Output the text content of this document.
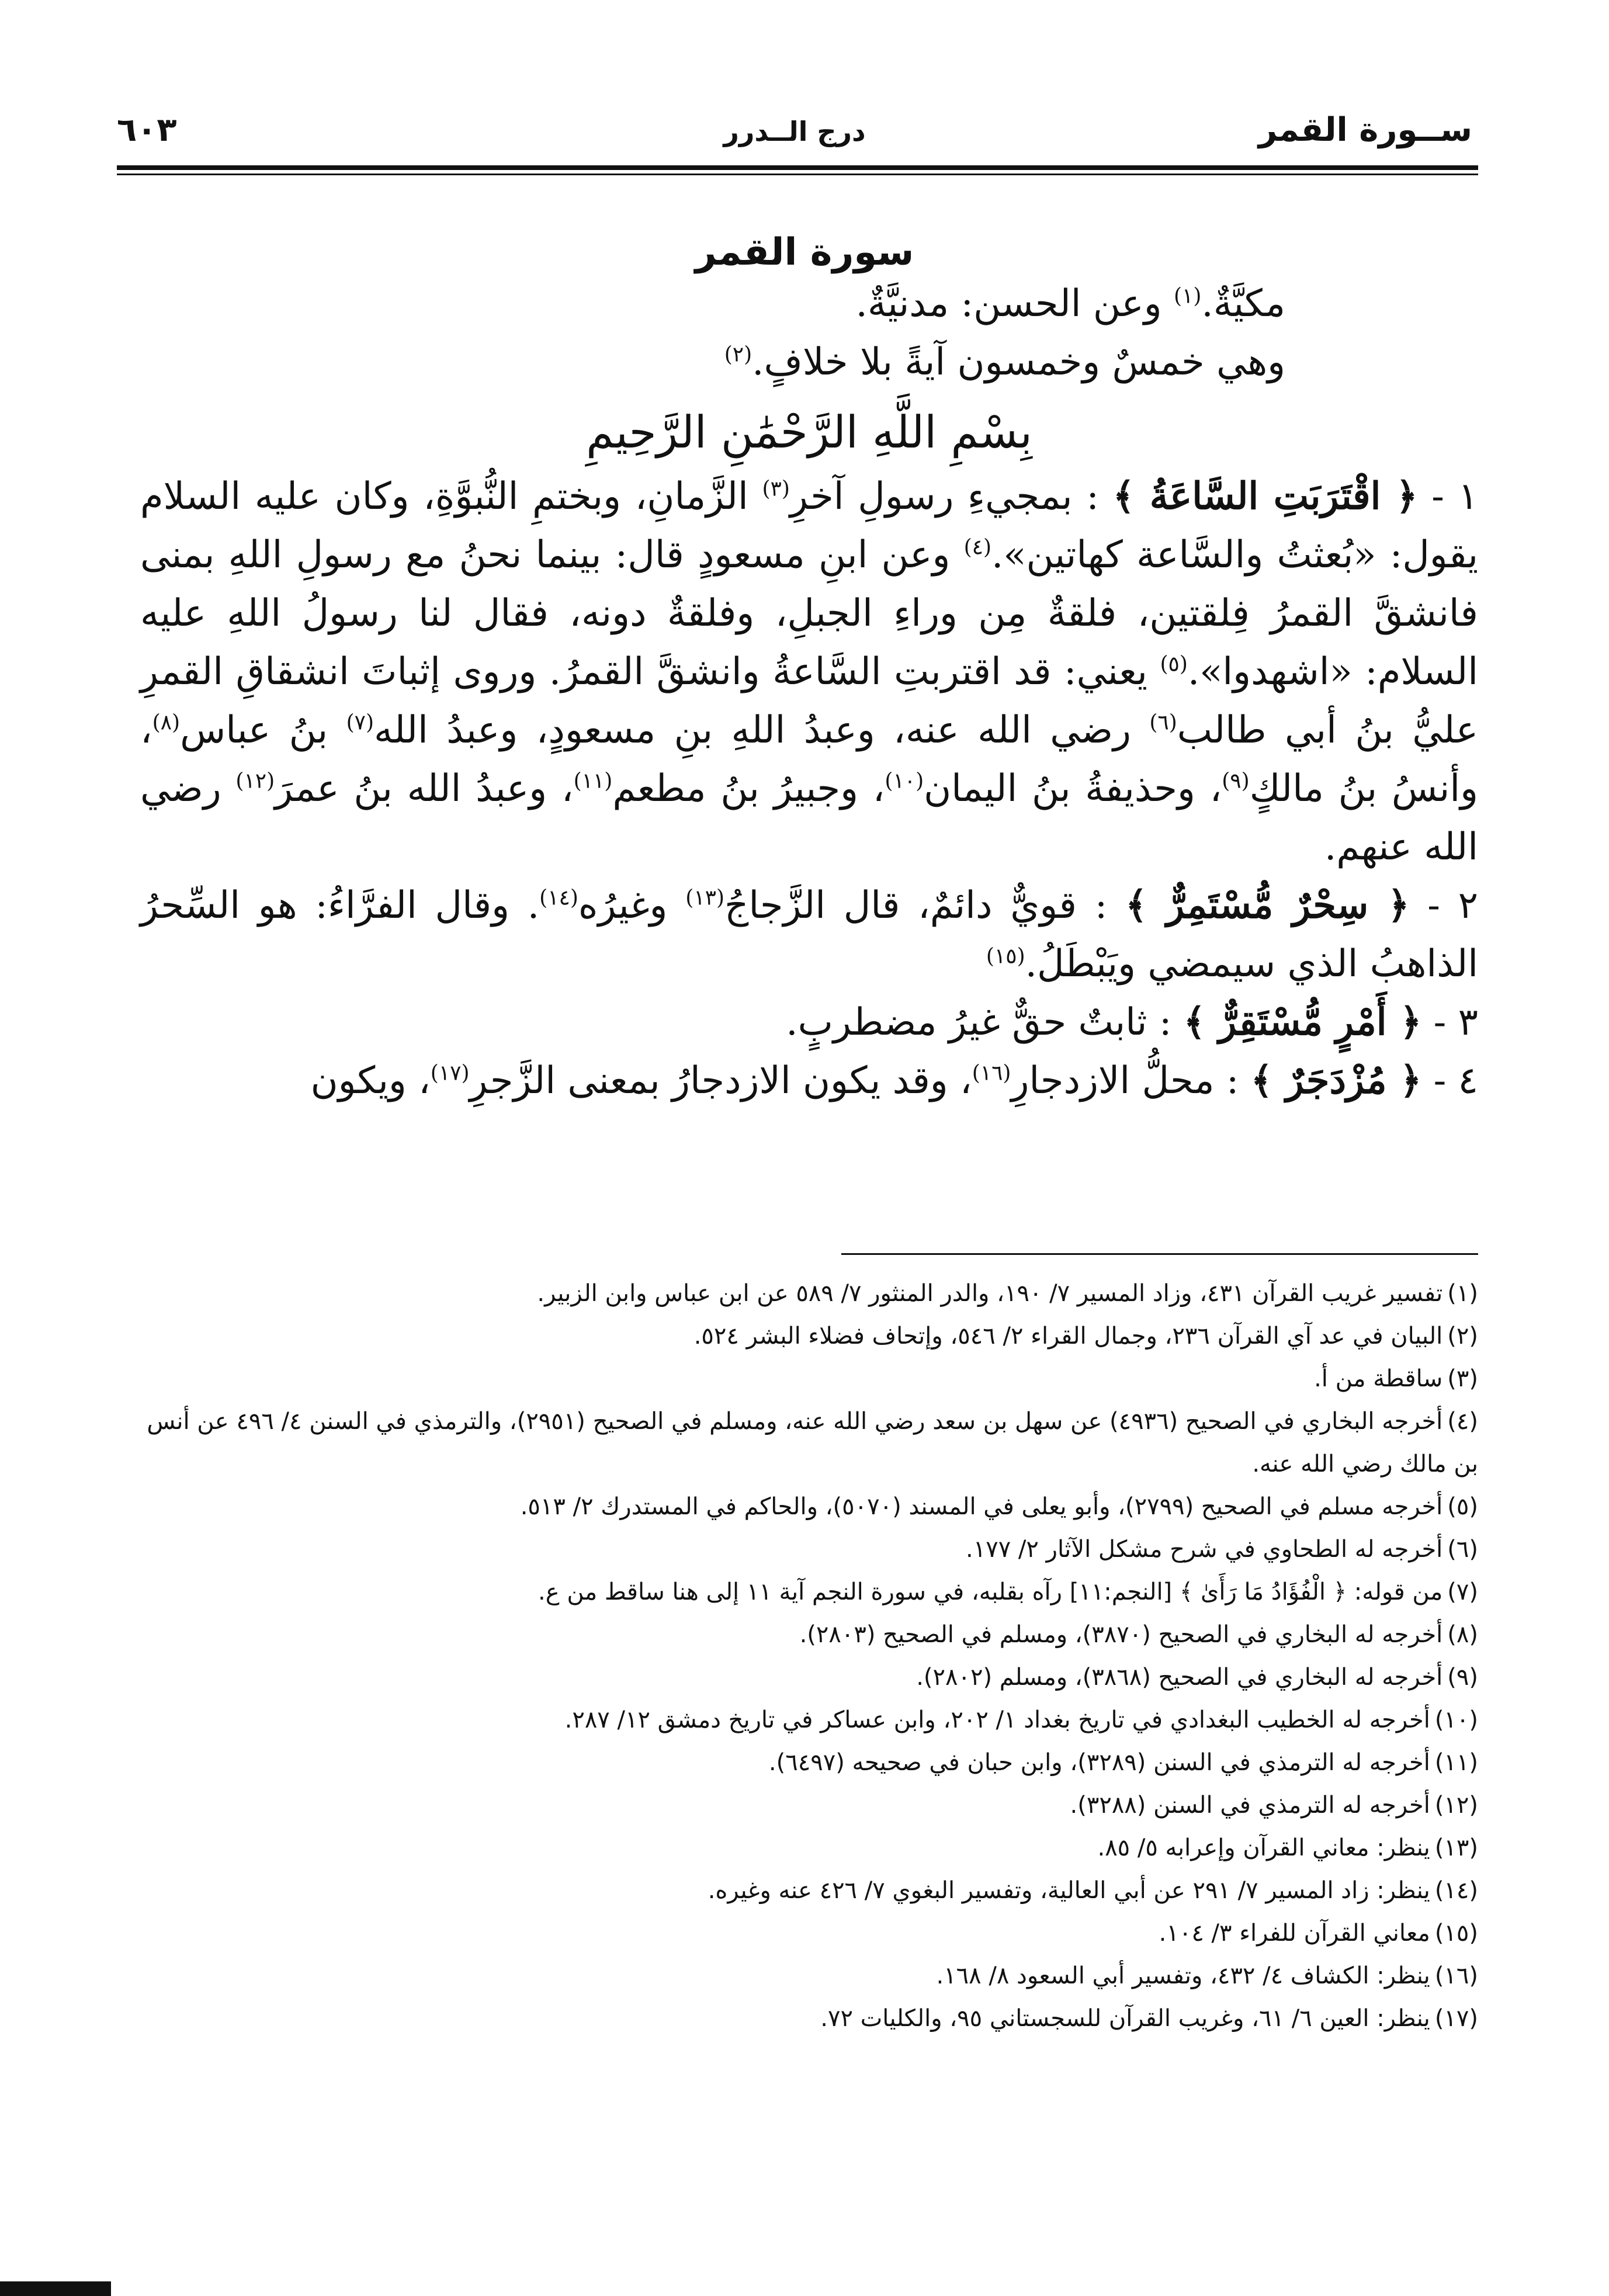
ســورة القمر
درج الــدرر
٦٠٣
سورة القمر

مكيَّةٌ.$^{(١)}$ وعن الحسن: مدنيَّةٌ.

وهي خمسٌ وخمسون آيةً بلا خلافٍ.$^{(٢)}$

بِسْمِ اللَّهِ الرَّحْمَٰنِ الرَّحِيمِ

١ - ﴿ اقْتَرَبَتِ السَّاعَةُ ﴾ : بمجيءِ رسولِ آخرِ$^{(٣)}$ الزَّمانِ، وبختمِ النُّبوَّةِ، وكان عليه السلام يقول: «بُعثتُ والسَّاعة كهاتين».$^{(٤)}$ وعن ابنِ مسعودٍ قال: بينما نحنُ مع رسولِ اللهِ بمنى فانشقَّ القمرُ فِلقتين، فلقةٌ مِن وراءِ الجبلِ، وفلقةٌ دونه، فقال لنا رسولُ اللهِ عليه السلام: «اشهدوا».$^{(٥)}$ يعني: قد اقتربتِ السَّاعةُ وانشقَّ القمرُ. وروى إثباتَ انشقاقِ القمرِ عليُّ بنُ أبي طالب$^{(٦)}$ رضي الله عنه، وعبدُ اللهِ بنِ مسعودٍ، وعبدُ الله$^{(٧)}$ بنُ عباس$^{(٨)}$، وأنسُ بنُ مالكٍ$^{(٩)}$، وحذيفةُ بنُ اليمان$^{(١٠)}$، وجبيرُ بنُ مطعم$^{(١١)}$، وعبدُ الله بنُ عمرَ$^{(١٢)}$ رضي الله عنهم.

٢ - ﴿ سِحْرٌ مُّسْتَمِرٌّ ﴾ : قويٌّ دائمٌ، قال الزَّجاجُ$^{(١٣)}$ وغيرُه$^{(١٤)}$. وقال الفرَّاءُ: هو السِّحرُ الذاهبُ الذي سيمضي ويَبْطَلُ.$^{(١٥)}$

٣ - ﴿ أَمْرٍ مُّسْتَقِرٌّ ﴾ : ثابتٌ حقٌّ غيرُ مضطربٍ.

٤ - ﴿ مُزْدَجَرٌ ﴾ : محلُّ الازدجارِ$^{(١٦)}$، وقد يكون الازدجارُ بمعنى الزَّجرِ$^{(١٧)}$، ويكون

(١)تفسير غريب القرآن ٤٣١، وزاد المسير ٧/ ١٩٠، والدر المنثور ٧/ ٥٨٩ عن ابن عباس وابن الزبير.

(٢)البيان في عد آي القرآن ٢٣٦، وجمال القراء ٢/ ٥٤٦، وإتحاف فضلاء البشر ٥٢٤.

(٣)ساقطة من أ.

(٤)أخرجه البخاري في الصحيح (٤٩٣٦) عن سهل بن سعد رضي الله عنه، ومسلم في الصحيح (٢٩٥١)، والترمذي في السنن ٤/ ٤٩٦ عن أنس بن مالك رضي الله عنه.

(٥)أخرجه مسلم في الصحيح (٢٧٩٩)، وأبو يعلى في المسند (٥٠٧٠)، والحاكم في المستدرك ٢/ ٥١٣.

(٦)أخرجه له الطحاوي في شرح مشكل الآثار ٢/ ١٧٧.

(٧)من قوله: ﴿ الْفُؤَادُ مَا رَأَىٰ ﴾ [النجم:١١] رآه بقلبه، في سورة النجم آية ١١ إلى هنا ساقط من ع.

(٨)أخرجه له البخاري في الصحيح (٣٨٧٠)، ومسلم في الصحيح (٢٨٠٣).

(٩)أخرجه له البخاري في الصحيح (٣٨٦٨)، ومسلم (٢٨٠٢).

(١٠)أخرجه له الخطيب البغدادي في تاريخ بغداد ١/ ٢٠٢، وابن عساكر في تاريخ دمشق ١٢/ ٢٨٧.

(١١)أخرجه له الترمذي في السنن (٣٢٨٩)، وابن حبان في صحيحه (٦٤٩٧).

(١٢)أخرجه له الترمذي في السنن (٣٢٨٨).

(١٣)ينظر: معاني القرآن وإعرابه ٥/ ٨٥.

(١٤)ينظر: زاد المسير ٧/ ٢٩١ عن أبي العالية، وتفسير البغوي ٧/ ٤٢٦ عنه وغيره.

(١٥)معاني القرآن للفراء ٣/ ١٠٤.

(١٦)ينظر: الكشاف ٤/ ٤٣٢، وتفسير أبي السعود ٨/ ١٦٨.

(١٧)ينظر: العين ٦/ ٦١، وغريب القرآن للسجستاني ٩٥، والكليات ٧٢.
